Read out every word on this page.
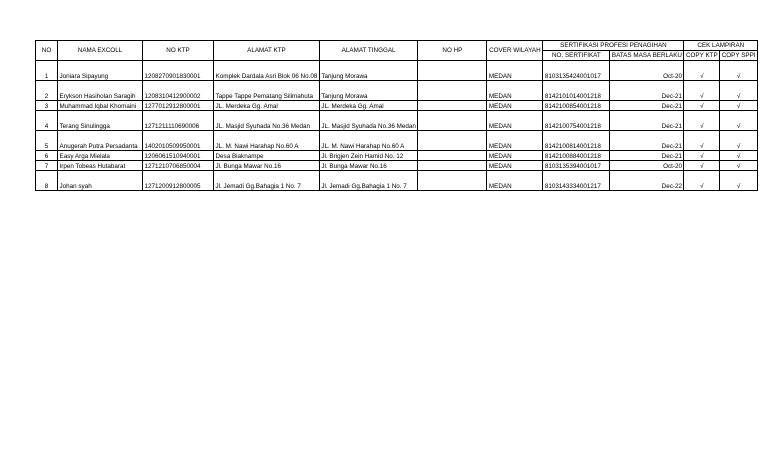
NO	NAMA EXCOLL	NO KTP	ALAMAT KTP	ALAMAT TINGGAL	NO HP	COVER WILAYAH	SERTIFIKASI PROFESI PENAGIHAN		CEK LAMPIRAN	
							NO. SERTIFIKAT	BATAS MASA BERLAKU	COPY KTP	COPY SPPI
1	Joniara Sipayung	1208270901830001	Komplek Dardala Asri Blok 06 No.08	Tanjung Morawa		MEDAN	8103135424001017	Oct-20	√	√
2	Erykson Hasiholan Saragih	1208310412900002	Tappe Tappe Pematang Silimahuta	Tanjung Morawa		MEDAN	8142101014001218	Dec-21	√	√
3	Muhammad Iqbal Khomaini	1277012912800001	JL. Merdeka Gg. Amal	JL. Merdeka Gg. Amal		MEDAN	8142100854001218	Dec-21	√	√
4	Terang Sinulingga	1271211110690006	JL. Masjid Syuhada No.36 Medan	JL. Masjid Syuhada No.36 Medan		MEDAN	8142100754001218	Dec-21	√	√
5	Anugerah Putra Persadanta	1402010509950001	JL. M. Nawi Harahap No.60 A	JL. M. Nawi Harahap No.60 A		MEDAN	8142100814001218	Dec-21	√	√
6	Easy Arga Mielala	1206061510940001	Desa Biaknampe	Jl. Brigjen Zein Hamid No. 12		MEDAN	8142100884001218	Dec-21	√	√
7	Irpen Tobeas Hutabarat	1271210706850004	Jl. Bunga Mawar No.16	Jl. Bunga Mawar No.16		MEDAN	8103135394001017	Oct-20	√	√
8	Johan syah	1271200912800005	Jl. Jemadi Gg.Bahagia 1 No. 7	Jl. Jemadi Gg.Bahagia 1 No. 7		MEDAN	8103143334001217	Dec-22	√	√
